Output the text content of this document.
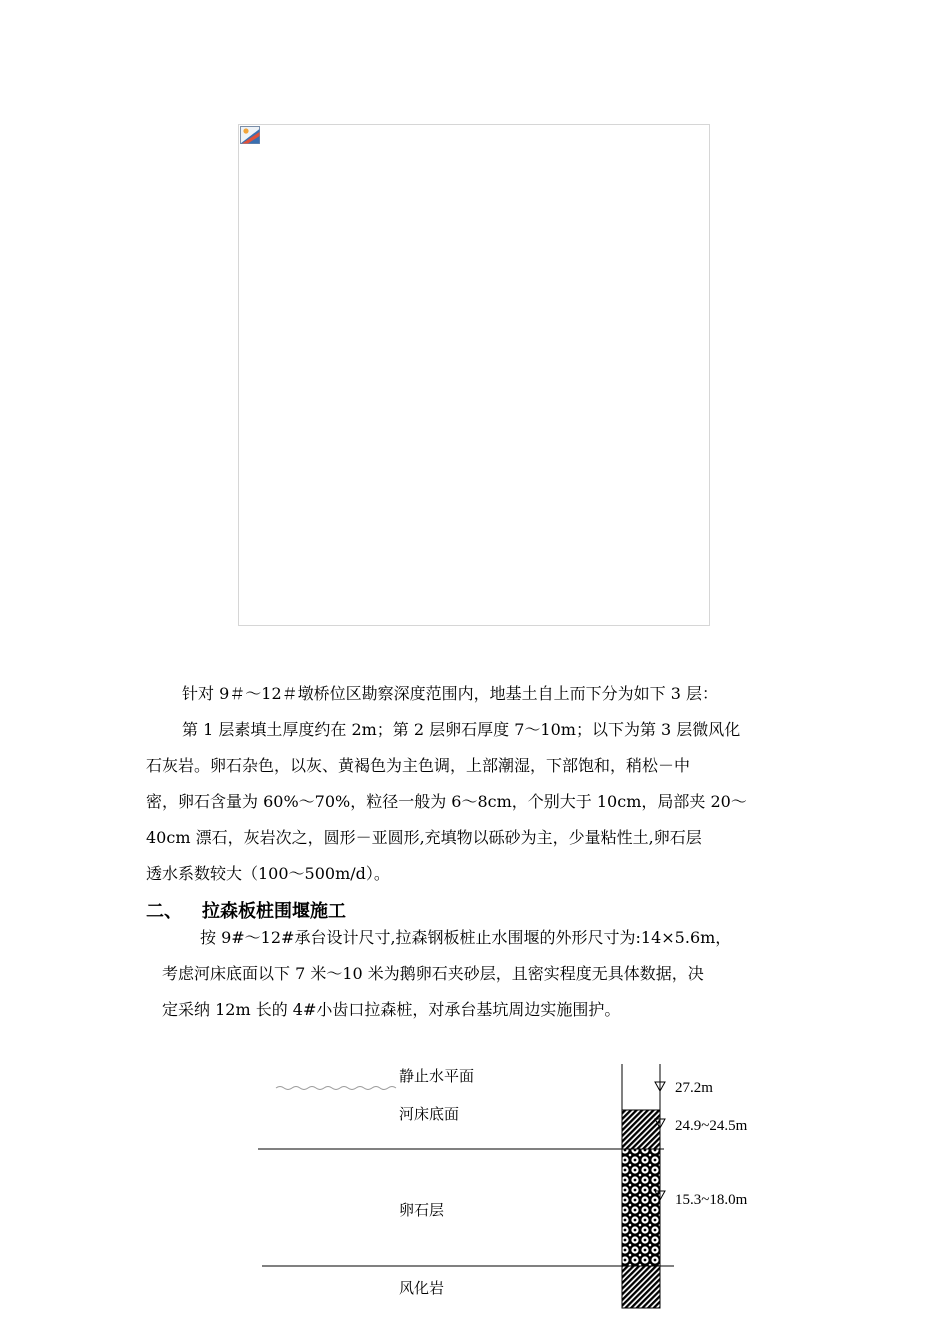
针对 9＃～12＃墩桥位区勘察深度范围内，地基土自上而下分为如下 3 层：

第 1 层素填土厚度约在 2m；第 2 层卵石厚度 7～10m；以下为第 3 层微风化

石灰岩。卵石杂色，以灰、黄褐色为主色调，上部潮湿，下部饱和，稍松－中

密，卵石含量为 60%～70%，粒径一般为 6～8cm，个别大于 10cm，局部夹 20～

40cm 漂石，灰岩次之，圆形－亚圆形,充填物以砾砂为主，少量粘性土,卵石层

透水系数较大（100～500m/d）。

二、 拉森板桩围堰施工

按 9#～12#承台设计尺寸,拉森钢板桩止水围堰的外形尺寸为:14×5.6m，

考虑河床底面以下 7 米～10 米为鹅卵石夹砂层，且密实程度无具体数据，决

定采纳 12m 长的 4#小齿口拉森桩，对承台基坑周边实施围护。

静止水平面
河床底面
卵石层
风化岩
27.2m
24.9~24.5m
15.3~18.0m
